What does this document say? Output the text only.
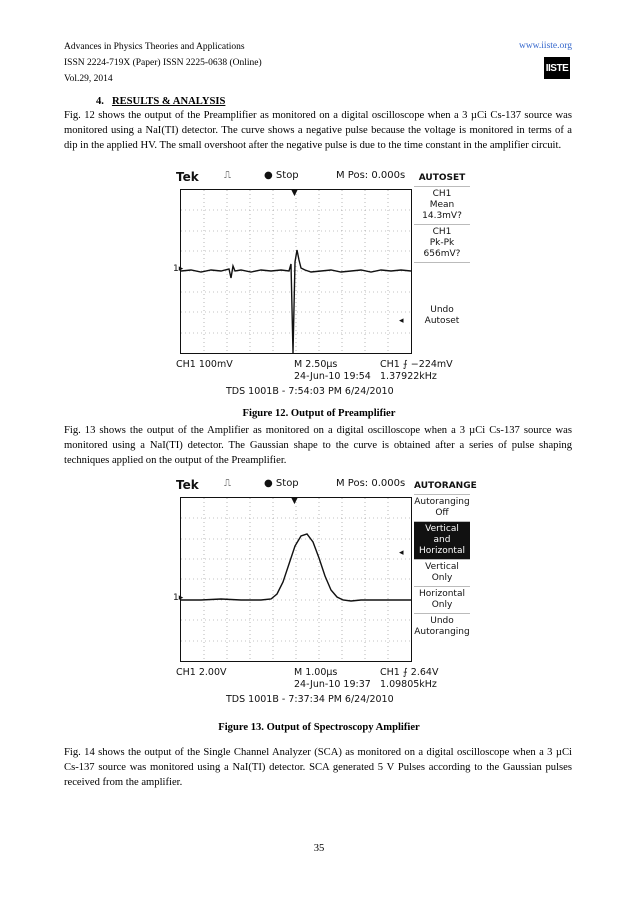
Advances in Physics Theories and Applications
ISSN 2224-719X (Paper) ISSN 2225-0638 (Online)
Vol.29, 2014
www.iiste.org
IISTE
4. RESULTS & ANALYSIS
Fig. 12 shows the output of the Preamplifier as monitored on a digital oscilloscope when a 3 µCi Cs-137 source was monitored using a NaI(TI) detector. The curve shows a negative pulse because the voltage is monitored in terms of a dip in the applied HV. The small overshoot after the negative pulse is due to the time constant in the amplifier circuit.
Tek	⎍	● Stop	M Pos: 0.000s
1▸
▼
◂
AUTOSET
CH1
Mean
14.3mV?
CH1
Pk-Pk
656mV?
Undo
Autoset
CH1 100mV	M 2.50µs	CH1 ⨍ −224mV
24-Jun-10 19:54 1.37922kHz
TDS 1001B - 7:54:03 PM 6/24/2010
Figure 12. Output of Preamplifier
Fig. 13 shows the output of the Amplifier as monitored on a digital oscilloscope when a 3 µCi Cs-137 source was monitored using a NaI(TI) detector. The Gaussian shape to the curve is obtained after a series of pulse shaping techniques applied on the output of the Preamplifier.
Tek	⎍	● Stop	M Pos: 0.000s
1▸
▼
◂
AUTORANGE
Autoranging
Off
Vertical
and
Horizontal
Vertical
Only
Horizontal
Only
Undo
Autoranging
CH1 2.00V	M 1.00µs	CH1 ⨍ 2.64V
24-Jun-10 19:37 1.09805kHz
TDS 1001B - 7:37:34 PM 6/24/2010
Figure 13. Output of Spectroscopy Amplifier
Fig. 14 shows the output of the Single Channel Analyzer (SCA) as monitored on a digital oscilloscope when a 3 µCi Cs-137 source was monitored using a NaI(TI) detector. SCA generated 5 V Pulses according to the Gaussian pulses received from the amplifier.
35
